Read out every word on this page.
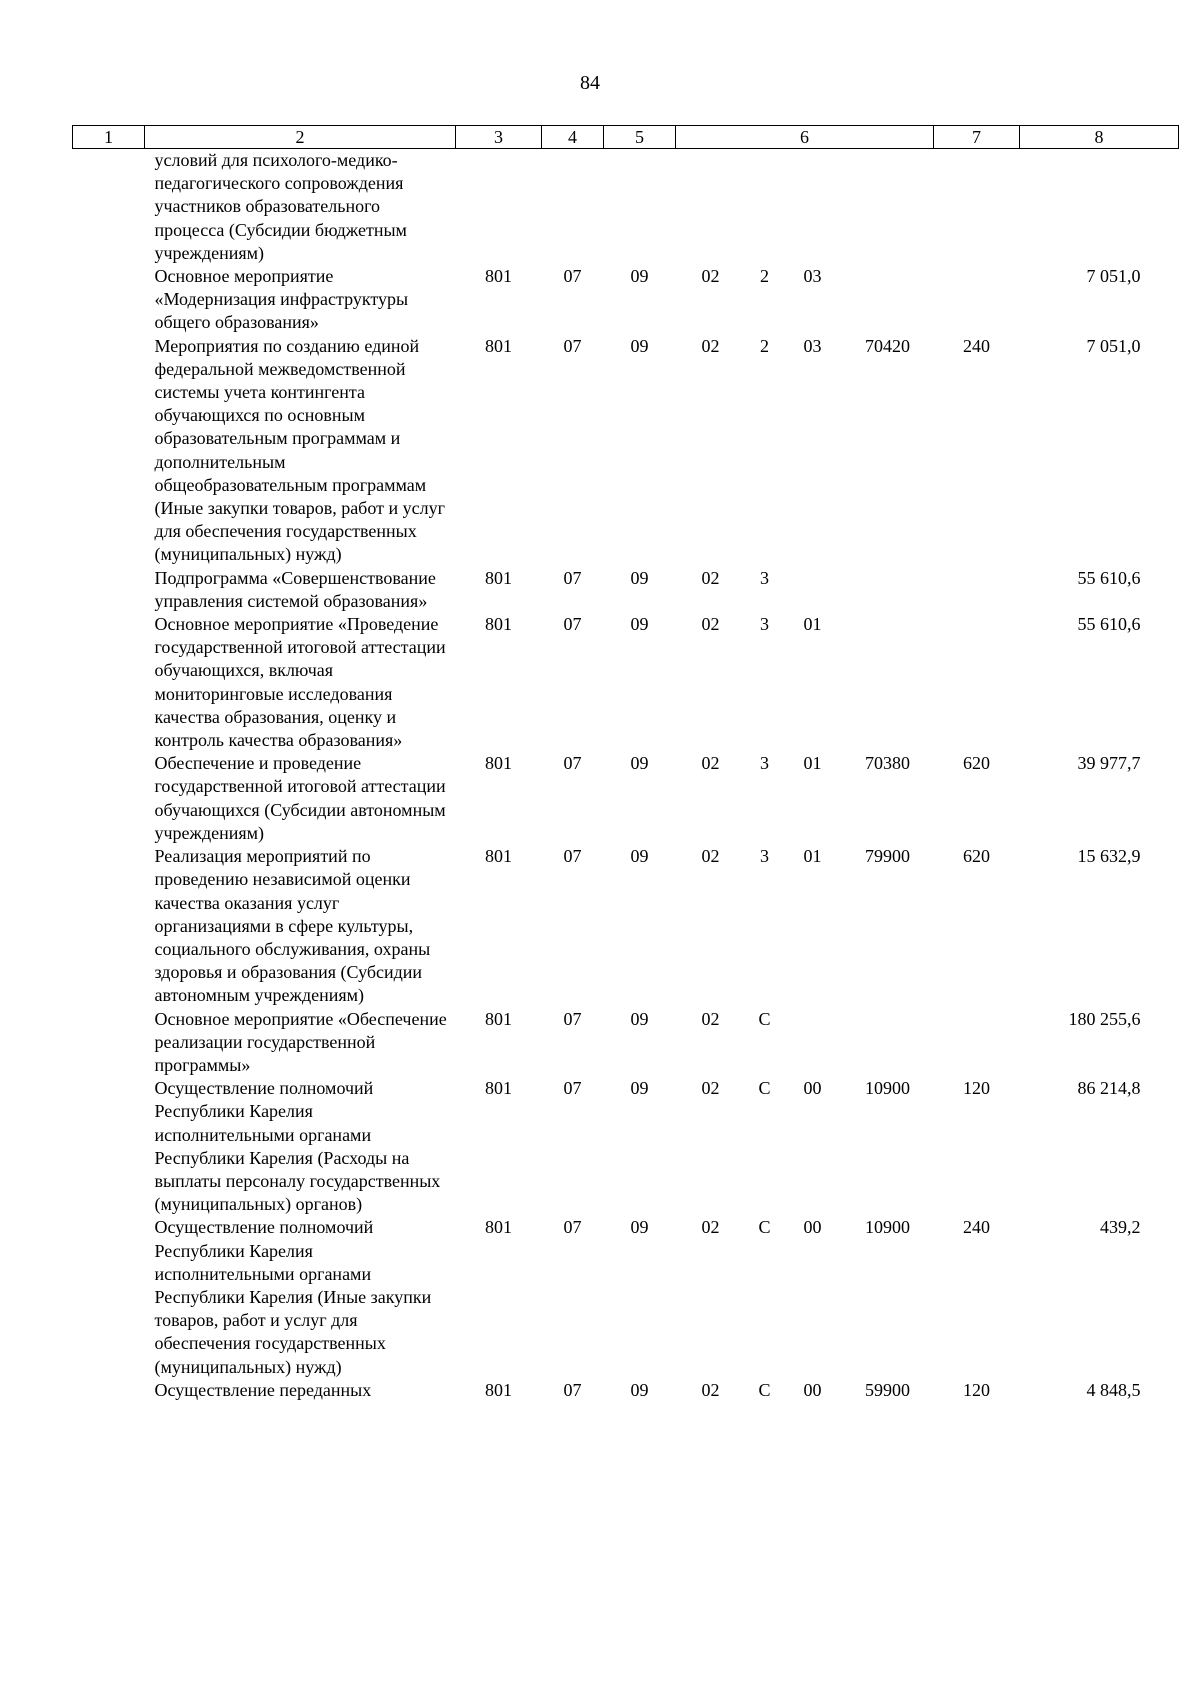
84
1	2	3	4	5	6				7	8
	условий для психолого-медико-педагогического сопровождения участников образовательного процесса (Субсидии бюджетным учреждениям)									
	Основное мероприятие «Модернизация инфраструктуры общего образования»	801	07	09	02	2	03			7 051,0
	Мероприятия по созданию единой федеральной межведомственной системы учета контингента обучающихся по основным образовательным программам и дополнительным общеобразовательным программам (Иные закупки товаров, работ и услуг для обеспечения государственных (муниципальных) нужд)	801	07	09	02	2	03	70420	240	7 051,0
	Подпрограмма «Совершенствование управления системой образования»	801	07	09	02	3				55 610,6
	Основное мероприятие «Проведение государственной итоговой аттестации обучающихся, включая мониторинговые исследования качества образования, оценку и контроль качества образования»	801	07	09	02	3	01			55 610,6
	Обеспечение и проведение государственной итоговой аттестации обучающихся (Субсидии автономным учреждениям)	801	07	09	02	3	01	70380	620	39 977,7
	Реализация мероприятий по проведению независимой оценки качества оказания услуг организациями в сфере культуры, социального обслуживания, охраны здоровья и образования (Субсидии автономным учреждениям)	801	07	09	02	3	01	79900	620	15 632,9
	Основное мероприятие «Обеспечение реализации государственной программы»	801	07	09	02	С				180 255,6
	Осуществление полномочий Республики Карелия исполнительными органами Республики Карелия (Расходы на выплаты персоналу государственных (муниципальных) органов)	801	07	09	02	С	00	10900	120	86 214,8
	Осуществление полномочий Республики Карелия исполнительными органами Республики Карелия (Иные закупки товаров, работ и услуг для обеспечения государственных (муниципальных) нужд)	801	07	09	02	С	00	10900	240	439,2
	Осуществление переданных	801	07	09	02	С	00	59900	120	4 848,5
